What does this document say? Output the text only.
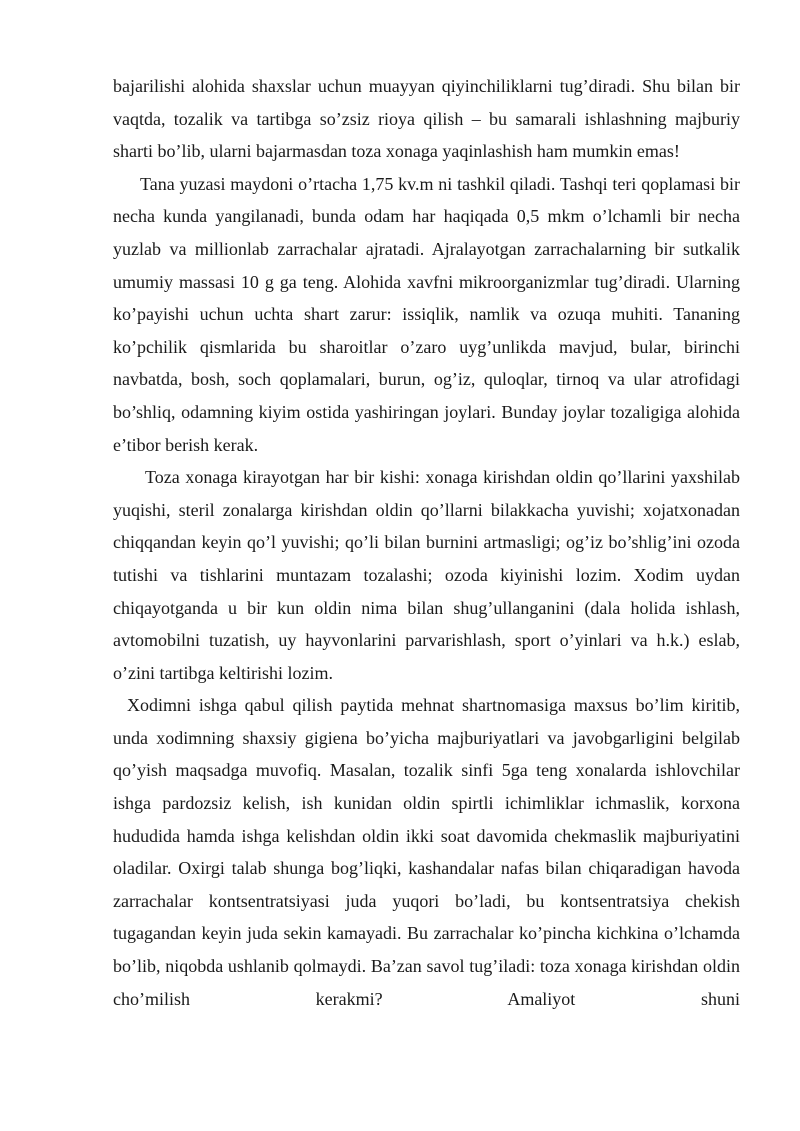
bajarilishi alohida shaxslar uchun muayyan qiyinchiliklarni tug’diradi. Shu bilan bir vaqtda, tozalik va tartibga so’zsiz rioya qilish – bu samarali ishlashning majburiy sharti bo’lib, ularni bajarmasdan toza xonaga yaqinlashish ham mumkin emas!

Tana yuzasi maydoni o’rtacha 1,75 kv.m ni tashkil qiladi. Tashqi teri qoplamasi bir necha kunda yangilanadi, bunda odam har haqiqada 0,5 mkm o’lchamli bir necha yuzlab va millionlab zarrachalar ajratadi. Ajralayotgan zarrachalarning bir sutkalik umumiy massasi 10 g ga teng. Alohida xavfni mikroorganizmlar tug’diradi. Ularning ko’payishi uchun uchta shart zarur: issiqlik, namlik va ozuqa muhiti. Tananing ko’pchilik qismlarida bu sharoitlar o’zaro uyg’unlikda mavjud, bular, birinchi navbatda, bosh, soch qoplamalari, burun, og’iz, quloqlar, tirnoq va ular atrofidagi bo’shliq, odamning kiyim ostida yashiringan joylari. Bunday joylar tozaligiga alohida e’tibor berish kerak.

Toza xonaga kirayotgan har bir kishi: xonaga kirishdan oldin qo’llarini yaxshilab yuqishi, steril zonalarga kirishdan oldin qo’llarni bilakkacha yuvishi; xojatxonadan chiqqandan keyin qo’l yuvishi; qo’li bilan burnini artmasligi; og’iz bo’shlig’ini ozoda tutishi va tishlarini muntazam tozalashi; ozoda kiyinishi lozim. Xodim uydan chiqayotganda u bir kun oldin nima bilan shug’ullanganini (dala holida ishlash, avtomobilni tuzatish, uy hayvonlarini parvarishlash, sport o’yinlari va h.k.) eslab, o’zini tartibga keltirishi lozim.

Xodimni ishga qabul qilish paytida mehnat shartnomasiga maxsus bo’lim kiritib, unda xodimning shaxsiy gigiena bo’yicha majburiyatlari va javobgarligini belgilab qo’yish maqsadga muvofiq. Masalan, tozalik sinfi 5ga teng xonalarda ishlovchilar ishga pardozsiz kelish, ish kunidan oldin spirtli ichimliklar ichmaslik, korxona hududida hamda ishga kelishdan oldin ikki soat davomida chekmaslik majburiyatini oladilar. Oxirgi talab shunga bog’liqki, kashandalar nafas bilan chiqaradigan havoda zarrachalar kontsentratsiyasi juda yuqori bo’ladi, bu kontsentratsiya chekish tugagandan keyin juda sekin kamayadi. Bu zarrachalar ko’pincha kichkina o’lchamda bo’lib, niqobda ushlanib qolmaydi. Ba’zan savol tug’iladi: toza xonaga kirishdan oldin cho’milish kerakmi? Amaliyot shuni
